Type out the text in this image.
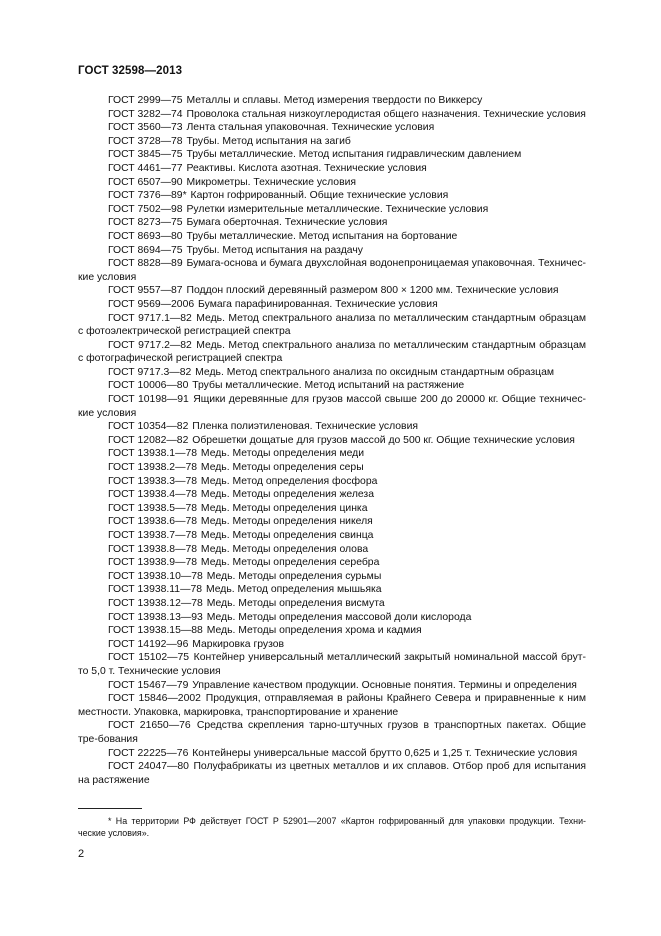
ГОСТ 32598—2013

ГОСТ 2999—75 Металлы и сплавы. Метод измерения твердости по Виккерсу

ГОСТ 3282—74 Проволока стальная низкоуглеродистая общего назначения. Технические условия

ГОСТ 3560—73 Лента стальная упаковочная. Технические условия

ГОСТ 3728—78 Трубы. Метод испытания на загиб

ГОСТ 3845—75 Трубы металлические. Метод испытания гидравлическим давлением

ГОСТ 4461—77 Реактивы. Кислота азотная. Технические условия

ГОСТ 6507—90 Микрометры. Технические условия

ГОСТ 7376—89* Картон гофрированный. Общие технические условия

ГОСТ 7502—98 Рулетки измерительные металлические. Технические условия

ГОСТ 8273—75 Бумага оберточная. Технические условия

ГОСТ 8693—80 Трубы металлические. Метод испытания на бортование

ГОСТ 8694—75 Трубы. Метод испытания на раздачу

ГОСТ 8828—89 Бумага-основа и бумага двухслойная водонепроницаемая упаковочная. Техничес-кие условия

ГОСТ 9557—87 Поддон плоский деревянный размером 800 × 1200 мм. Технические условия

ГОСТ 9569—2006 Бумага парафинированная. Технические условия

ГОСТ 9717.1—82 Медь. Метод спектрального анализа по металлическим стандартным образцам с фотоэлектрической регистрацией спектра

ГОСТ 9717.2—82 Медь. Метод спектрального анализа по металлическим стандартным образцам с фотографической регистрацией спектра

ГОСТ 9717.3—82 Медь. Метод спектрального анализа по оксидным стандартным образцам

ГОСТ 10006—80 Трубы металлические. Метод испытаний на растяжение

ГОСТ 10198—91 Ящики деревянные для грузов массой свыше 200 до 20000 кг. Общие техничес-кие условия

ГОСТ 10354—82 Пленка полиэтиленовая. Технические условия

ГОСТ 12082—82 Обрешетки дощатые для грузов массой до 500 кг. Общие технические условия

ГОСТ 13938.1—78 Медь. Методы определения меди

ГОСТ 13938.2—78 Медь. Методы определения серы

ГОСТ 13938.3—78 Медь. Метод определения фосфора

ГОСТ 13938.4—78 Медь. Методы определения железа

ГОСТ 13938.5—78 Медь. Методы определения цинка

ГОСТ 13938.6—78 Медь. Методы определения никеля

ГОСТ 13938.7—78 Медь. Методы определения свинца

ГОСТ 13938.8—78 Медь. Методы определения олова

ГОСТ 13938.9—78 Медь. Методы определения серебра

ГОСТ 13938.10—78 Медь. Методы определения сурьмы

ГОСТ 13938.11—78 Медь. Метод определения мышьяка

ГОСТ 13938.12—78 Медь. Методы определения висмута

ГОСТ 13938.13—93 Медь. Методы определения массовой доли кислорода

ГОСТ 13938.15—88 Медь. Методы определения хрома и кадмия

ГОСТ 14192—96 Маркировка грузов

ГОСТ 15102—75 Контейнер универсальный металлический закрытый номинальной массой брут-то 5,0 т. Технические условия

ГОСТ 15467—79 Управление качеством продукции. Основные понятия. Термины и определения

ГОСТ 15846—2002 Продукция, отправляемая в районы Крайнего Севера и приравненные к ним местности. Упаковка, маркировка, транспортирование и хранение

ГОСТ 21650—76 Средства скрепления тарно-штучных грузов в транспортных пакетах. Общие тре-бования

ГОСТ 22225—76 Контейнеры универсальные массой брутто 0,625 и 1,25 т. Технические условия

ГОСТ 24047—80 Полуфабрикаты из цветных металлов и их сплавов. Отбор проб для испытания на растяжение

* На территории РФ действует ГОСТ Р 52901—2007 «Картон гофрированный для упаковки продукции. Техни-ческие условия».
2
